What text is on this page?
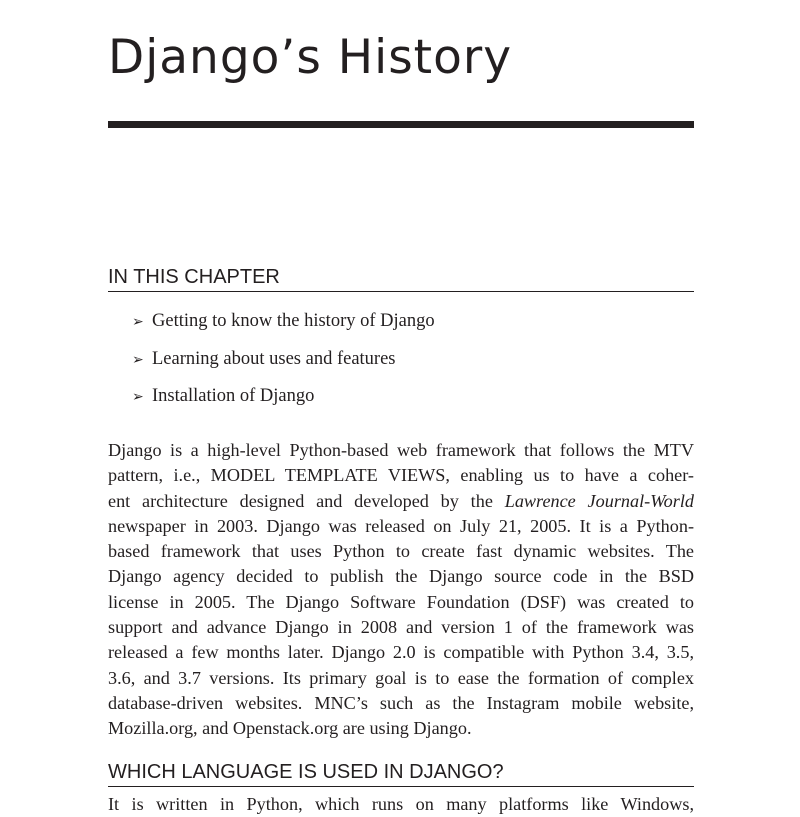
Django’s History
IN THIS CHAPTER
➢ Getting to know the history of Django
➢ Learning about uses and features
➢ Installation of Django

Django is a high-level Python-based web framework that follows the MTV
pattern, i.e., MODEL TEMPLATE VIEWS, enabling us to have a coher-
ent architecture designed and developed by the Lawrence Journal-World
newspaper in 2003. Django was released on July 21, 2005. It is a Python-
based framework that uses Python to create fast dynamic websites. The
Django agency decided to publish the Django source code in the BSD
license in 2005. The Django Software Foundation (DSF) was created to
support and advance Django in 2008 and version 1 of the framework was
released a few months later. Django 2.0 is compatible with Python 3.4, 3.5,
3.6, and 3.7 versions. Its primary goal is to ease the formation of complex
database-driven websites. MNC’s such as the Instagram mobile website,
Mozilla.org, and Openstack.org are using Django.

WHICH LANGUAGE IS USED IN DJANGO?
It is written in Python, which runs on many platforms like Windows,
